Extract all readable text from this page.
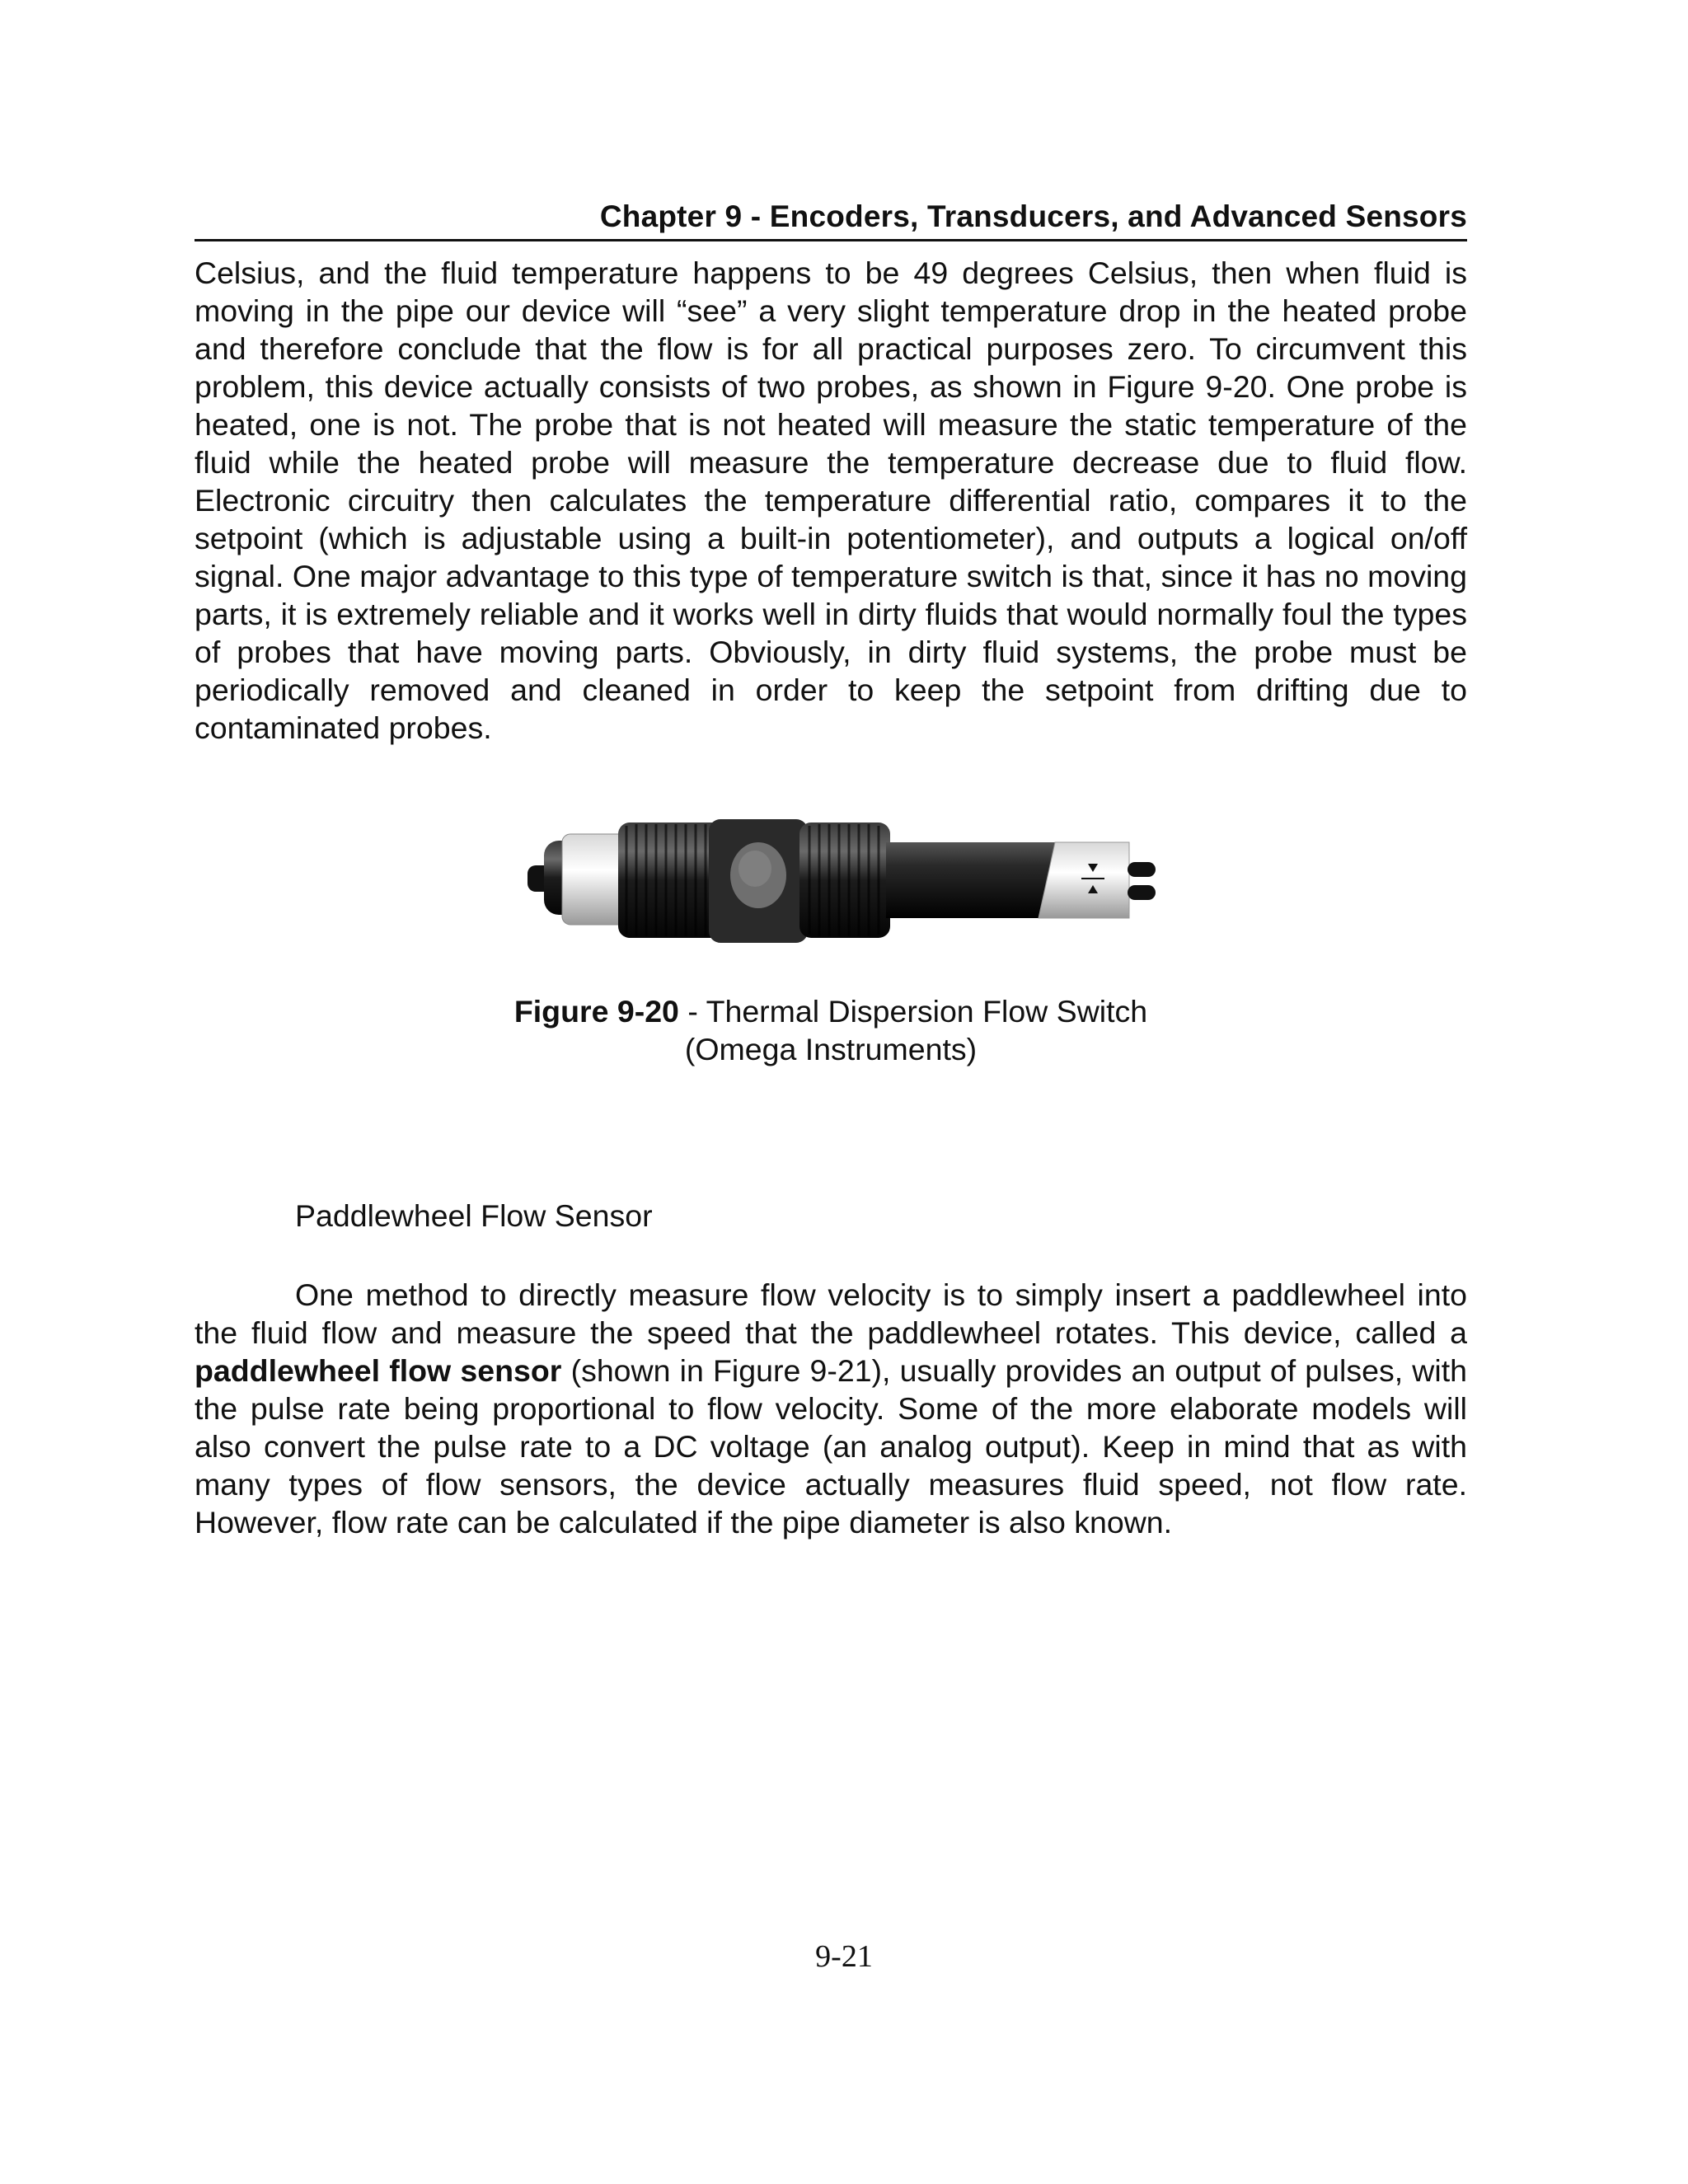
Chapter 9 - Encoders, Transducers, and Advanced Sensors

Celsius, and the fluid temperature happens to be 49 degrees Celsius, then when fluid is moving in the pipe our device will “see” a very slight temperature drop in the heated probe and therefore conclude that the flow is for all practical purposes zero. To circumvent this problem, this device actually consists of two probes, as shown in Figure 9-20. One probe is heated, one is not. The probe that is not heated will measure the static temperature of the fluid while the heated probe will measure the temperature decrease due to fluid flow. Electronic circuitry then calculates the temperature differential ratio, compares it to the setpoint (which is adjustable using a built-in potentiometer), and outputs a logical on/off signal. One major advantage to this type of temperature switch is that, since it has no moving parts, it is extremely reliable and it works well in dirty fluids that would normally foul the types of probes that have moving parts. Obviously, in dirty fluid systems, the probe must be periodically removed and cleaned in order to keep the setpoint from drifting due to contaminated probes.

Figure 9-20 - Thermal Dispersion Flow Switch
(Omega Instruments)
Paddlewheel Flow Sensor

One method to directly measure flow velocity is to simply insert a paddlewheel into the fluid flow and measure the speed that the paddlewheel rotates. This device, called a paddlewheel flow sensor (shown in Figure 9-21), usually provides an output of pulses, with the pulse rate being proportional to flow velocity. Some of the more elaborate models will also convert the pulse rate to a DC voltage (an analog output). Keep in mind that as with many types of flow sensors, the device actually measures fluid speed, not flow rate. However, flow rate can be calculated if the pipe diameter is also known.

9-21
